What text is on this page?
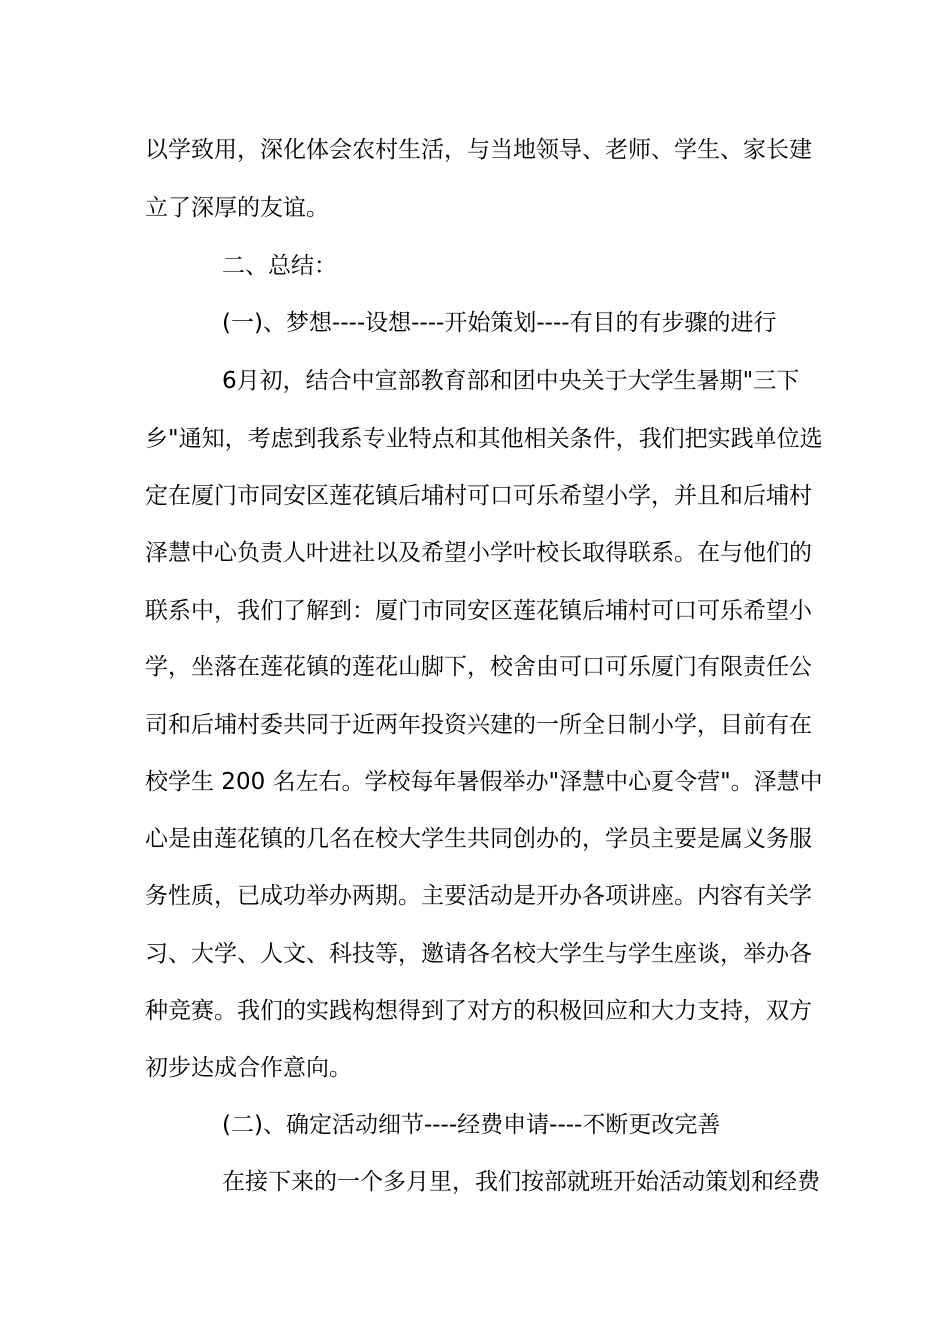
以学致用，深化体会农村生活，与当地领导、老师、学生、家长建
立了深厚的友谊。
二、总结：
(一)、梦想----设想----开始策划----有目的有步骤的进行
6月初，结合中宣部教育部和团中央关于大学生暑期"三下
乡"通知，考虑到我系专业特点和其他相关条件，我们把实践单位选
定在厦门市同安区莲花镇后埔村可口可乐希望小学，并且和后埔村
泽慧中心负责人叶进社以及希望小学叶校长取得联系。在与他们的
联系中，我们了解到：厦门市同安区莲花镇后埔村可口可乐希望小
学，坐落在莲花镇的莲花山脚下，校舍由可口可乐厦门有限责任公
司和后埔村委共同于近两年投资兴建的一所全日制小学，目前有在
校学生 200 名左右。学校每年暑假举办"泽慧中心夏令营"。泽慧中
心是由莲花镇的几名在校大学生共同创办的，学员主要是属义务服
务性质，已成功举办两期。主要活动是开办各项讲座。内容有关学
习、大学、人文、科技等，邀请各名校大学生与学生座谈，举办各
种竞赛。我们的实践构想得到了对方的积极回应和大力支持，双方
初步达成合作意向。
(二)、确定活动细节----经费申请----不断更改完善
在接下来的一个多月里，我们按部就班开始活动策划和经费
